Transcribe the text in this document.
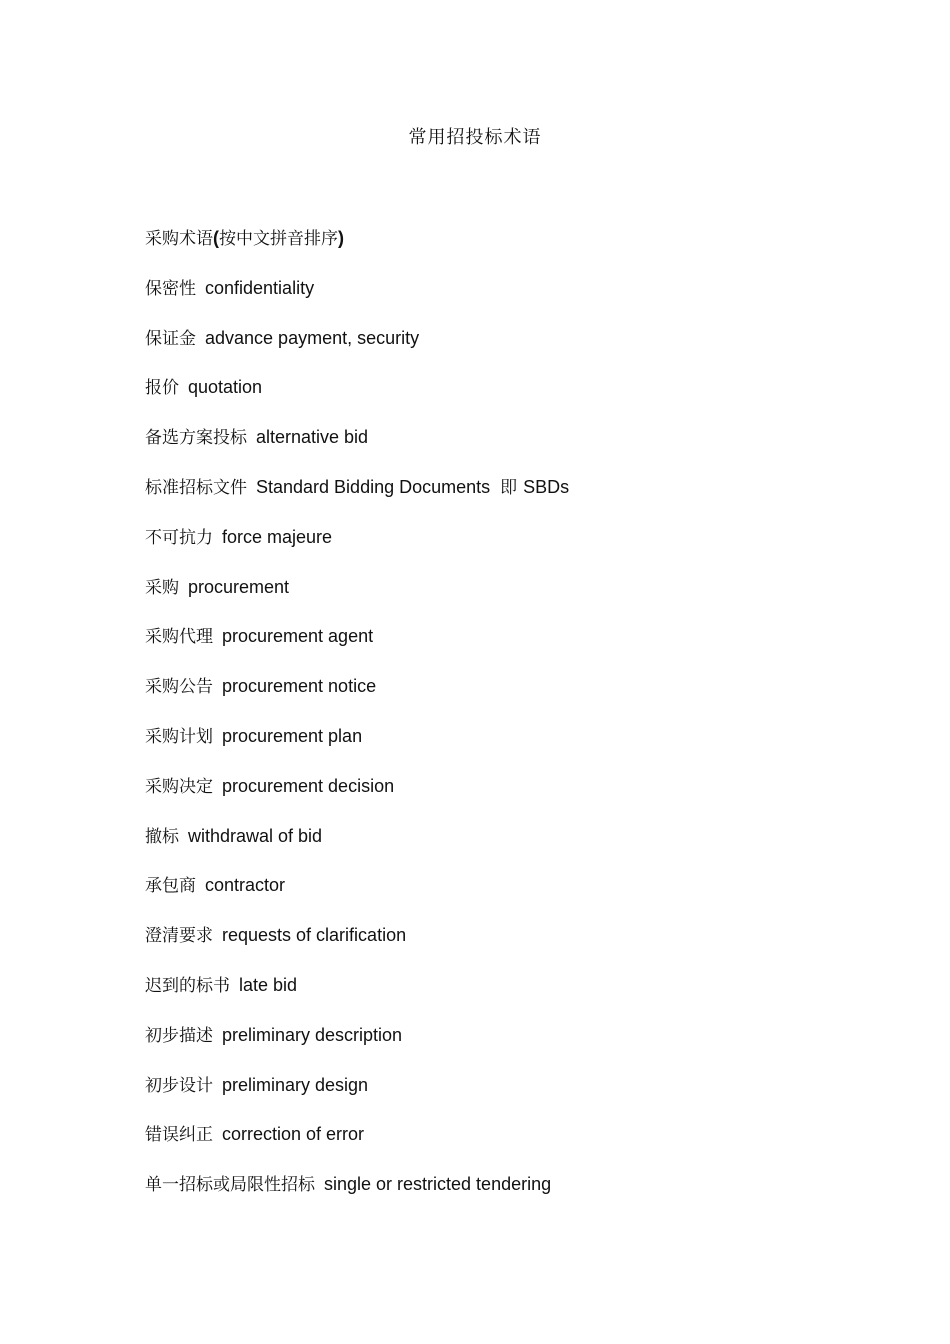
常用招投标术语
采购术语(按中文拼音排序)
保密性 confidentiality
保证金 advance payment, security
报价 quotation
备选方案投标 alternative bid
标准招标文件 Standard Bidding Documents 即 SBDs
不可抗力 force majeure
采购 procurement
采购代理 procurement agent
采购公告 procurement notice
采购计划 procurement plan
采购决定 procurement decision
撤标 withdrawal of bid
承包商 contractor
澄清要求 requests of clarification
迟到的标书 late bid
初步描述 preliminary description
初步设计 preliminary design
错误纠正 correction of error
单一招标或局限性招标 single or restricted tendering
